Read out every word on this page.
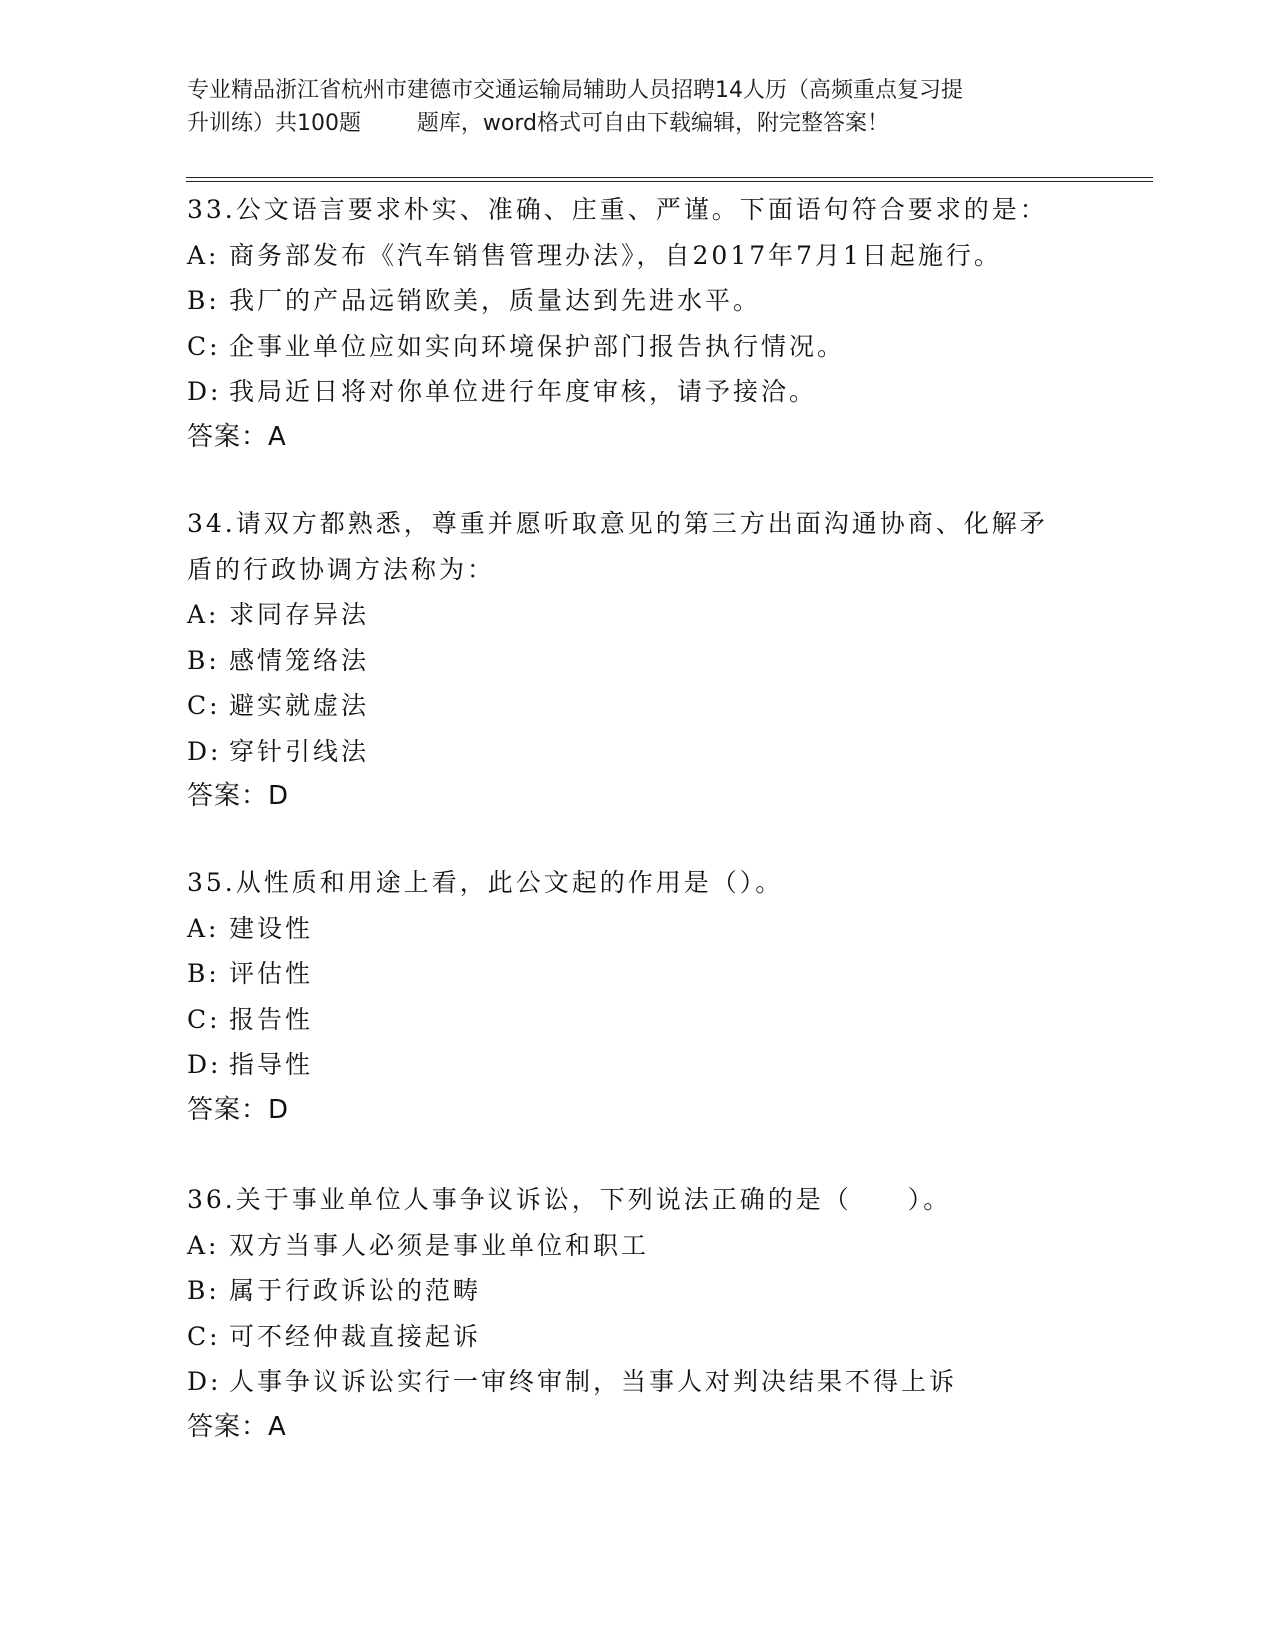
专业精品浙江省杭州市建德市交通运输局辅助人员招聘14人历（高频重点复习提
升训练）共100题        题库，word格式可自由下载编辑，附完整答案！
33.公文语言要求朴实、准确、庄重、严谨。下面语句符合要求的是：
A: 商务部发布《汽车销售管理办法》，自2017年7月1日起施行。
B: 我厂的产品远销欧美，质量达到先进水平。
C: 企事业单位应如实向环境保护部门报告执行情况。
D: 我局近日将对你单位进行年度审核，请予接洽。
答案：A
34.请双方都熟悉，尊重并愿听取意见的第三方出面沟通协商、化解矛
盾的行政协调方法称为：
A: 求同存异法
B: 感情笼络法
C: 避实就虚法
D: 穿针引线法
答案：D
35.从性质和用途上看，此公文起的作用是（）。
A: 建设性
B: 评估性
C: 报告性
D: 指导性
答案：D
36.关于事业单位人事争议诉讼，下列说法正确的是（　　）。
A: 双方当事人必须是事业单位和职工
B: 属于行政诉讼的范畴
C: 可不经仲裁直接起诉
D: 人事争议诉讼实行一审终审制，当事人对判决结果不得上诉
答案：A
